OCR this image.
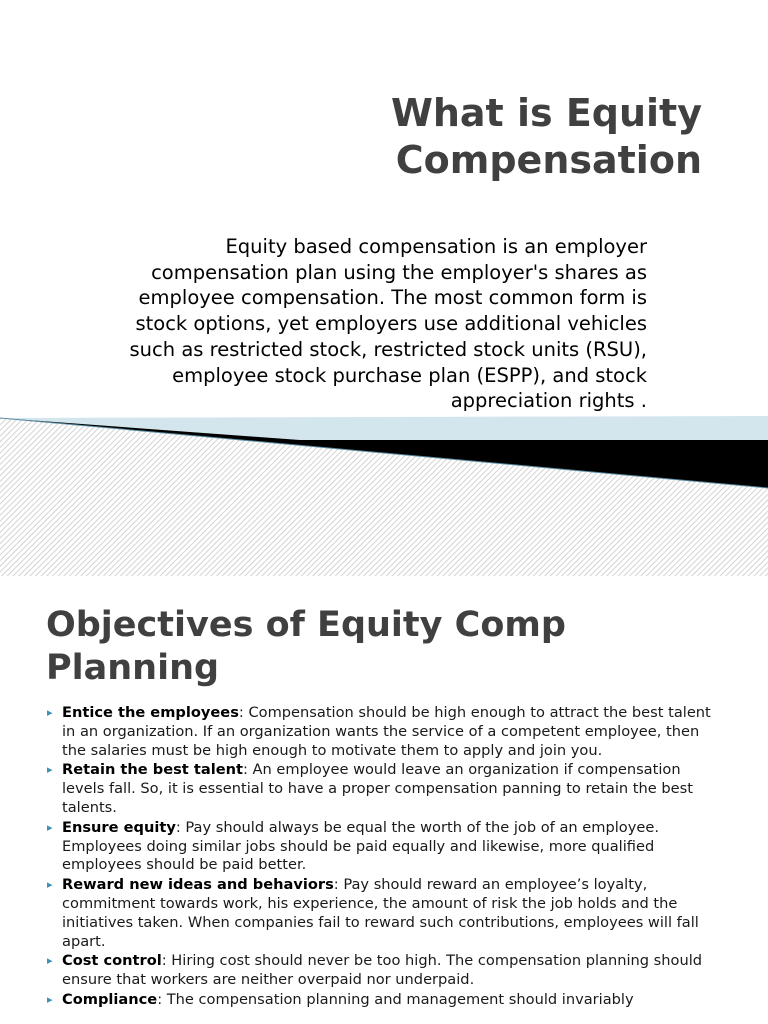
What is Equity Compensation
Equity based compensation is an employer compensation plan using the employer's shares as employee compensation. The most common form is stock options, yet employers use additional vehicles such as restricted stock, restricted stock units (RSU), employee stock purchase plan (ESPP), and stock appreciation rights .
Objectives of Equity Comp Planning
▸ Entice the employees: Compensation should be high enough to attract the best talent in an organization. If an organization wants the service of a competent employee, then the salaries must be high enough to motivate them to apply and join you.
▸ Retain the best talent: An employee would leave an organization if compensation levels fall. So, it is essential to have a proper compensation panning to retain the best talents.
▸ Ensure equity: Pay should always be equal the worth of the job of an employee. Employees doing similar jobs should be paid equally and likewise, more qualified employees should be paid better.
▸ Reward new ideas and behaviors: Pay should reward an employee’s loyalty, commitment towards work, his experience, the amount of risk the job holds and the initiatives taken. When companies fail to reward such contributions, employees will fall apart.
▸ Cost control: Hiring cost should never be too high. The compensation planning should ensure that workers are neither overpaid nor underpaid.
▸ Compliance: The compensation planning and management should invariably
